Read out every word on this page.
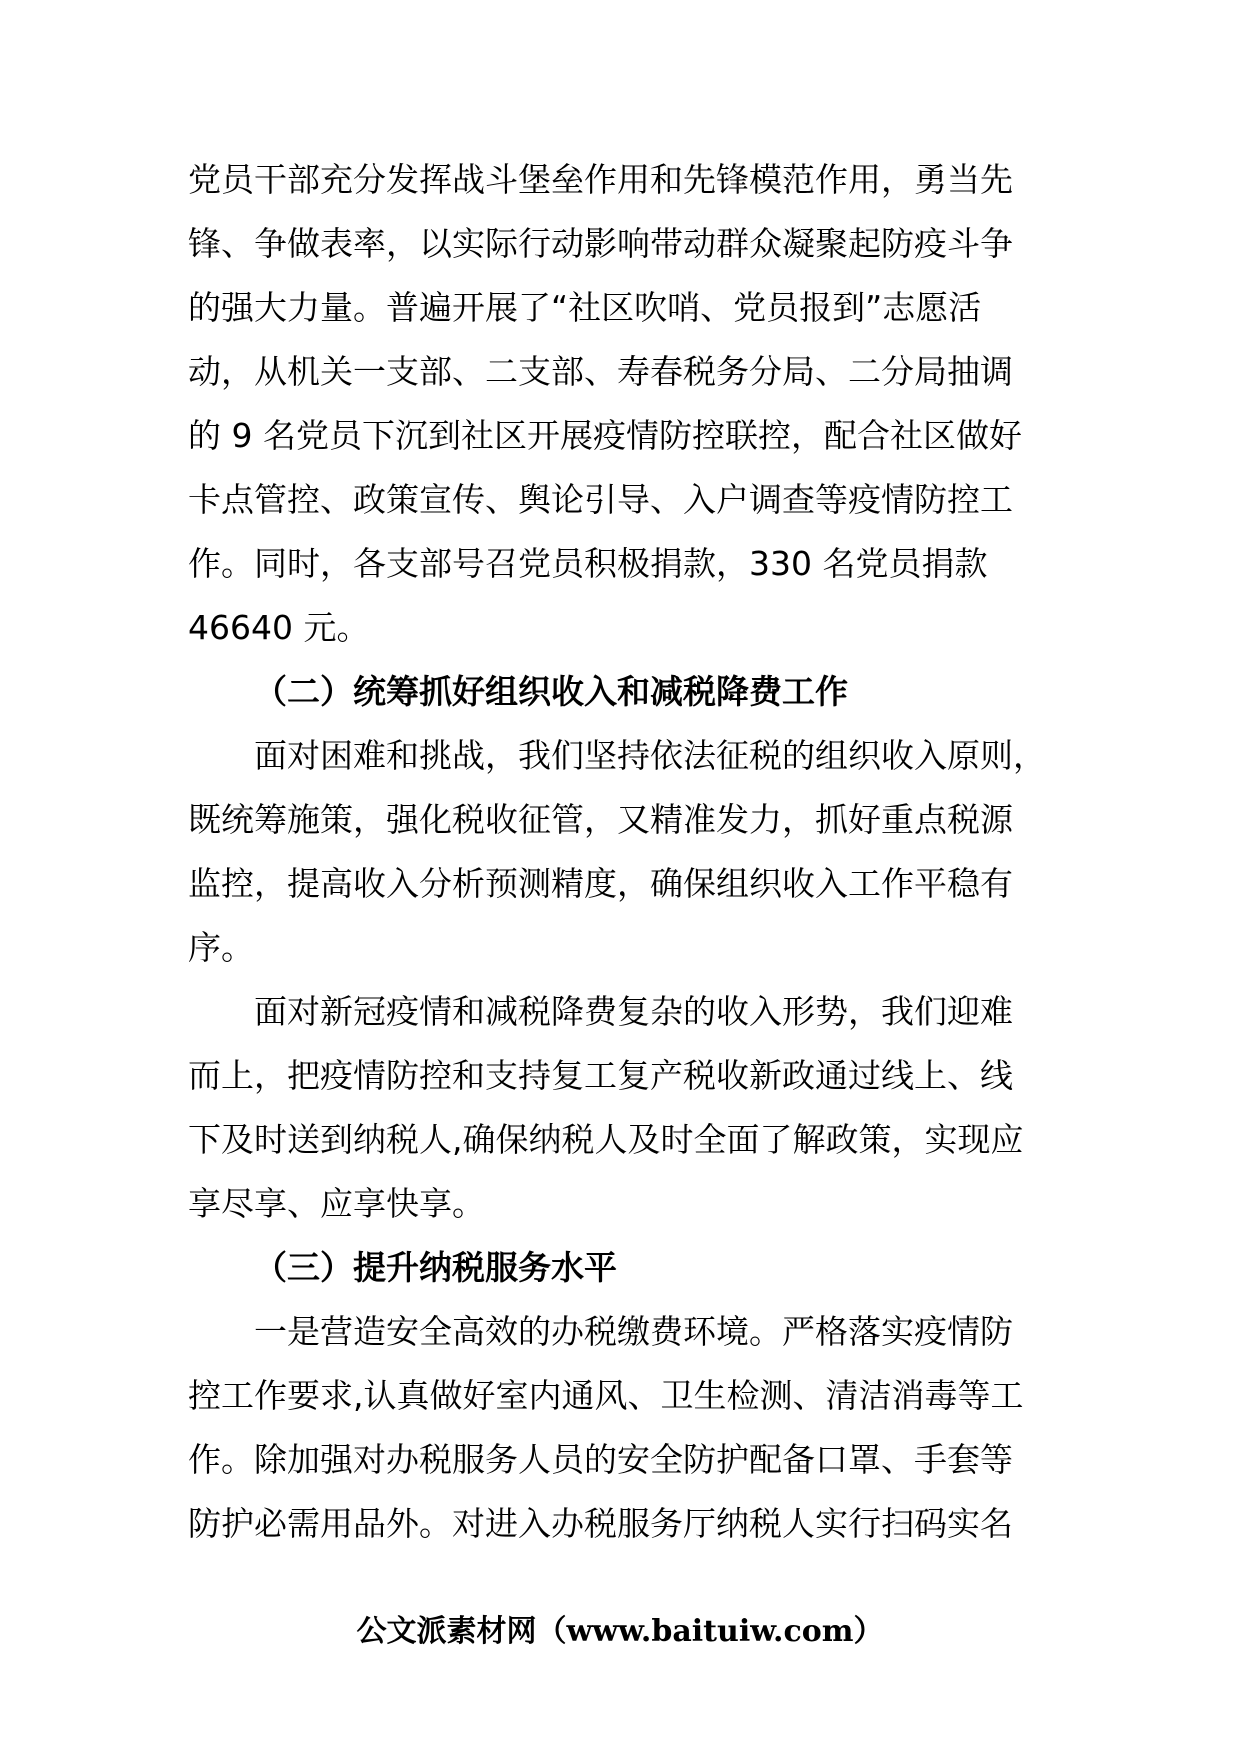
党员干部充分发挥战斗堡垒作用和先锋模范作用，勇当先
锋、争做表率，以实际行动影响带动群众凝聚起防疫斗争
的强大力量。普遍开展了“社区吹哨、党员报到”志愿活
动，从机关一支部、二支部、寿春税务分局、二分局抽调
的 9 名党员下沉到社区开展疫情防控联控，配合社区做好
卡点管控、政策宣传、舆论引导、入户调查等疫情防控工
作。同时，各支部号召党员积极捐款，330 名党员捐款
46640 元。
（二）统筹抓好组织收入和减税降费工作
面对困难和挑战，我们坚持依法征税的组织收入原则，
既统筹施策，强化税收征管，又精准发力，抓好重点税源
监控，提高收入分析预测精度，确保组织收入工作平稳有
序。
面对新冠疫情和减税降费复杂的收入形势，我们迎难
而上，把疫情防控和支持复工复产税收新政通过线上、线
下及时送到纳税人,确保纳税人及时全面了解政策，实现应
享尽享、应享快享。
（三）提升纳税服务水平
一是营造安全高效的办税缴费环境。严格落实疫情防
控工作要求,认真做好室内通风、卫生检测、清洁消毒等工
作。除加强对办税服务人员的安全防护配备口罩、手套等
防护必需用品外。对进入办税服务厅纳税人实行扫码实名
公文派素材网（www.baituiw.com）
